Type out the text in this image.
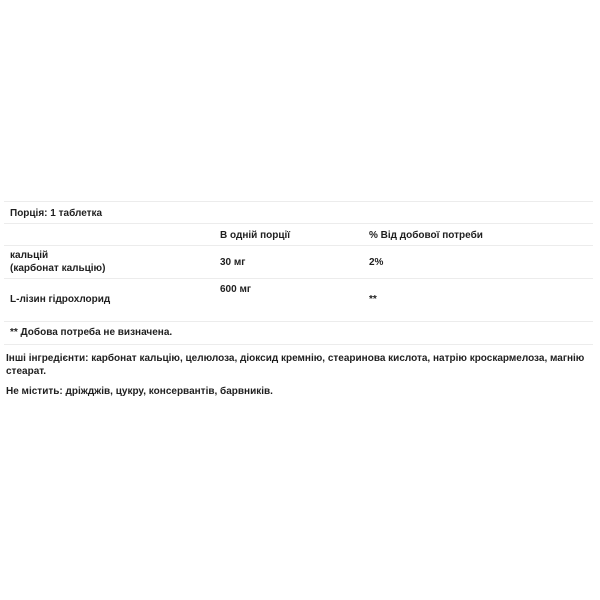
Порція: 1 таблетка
В одній порції	% Від добової потреби
кальцій
(карбонат кальцію)
30 мг	2%
L-лізин гідрохлорид
600 мг
**
** Добова потреба не визначена.
Інші інгредієнти: карбонат кальцію, целюлоза, діоксид кремнію, стеаринова кислота, натрію кроскармелоза, магнію стеарат.
Не містить: дріжджів, цукру, консервантів, барвників.
